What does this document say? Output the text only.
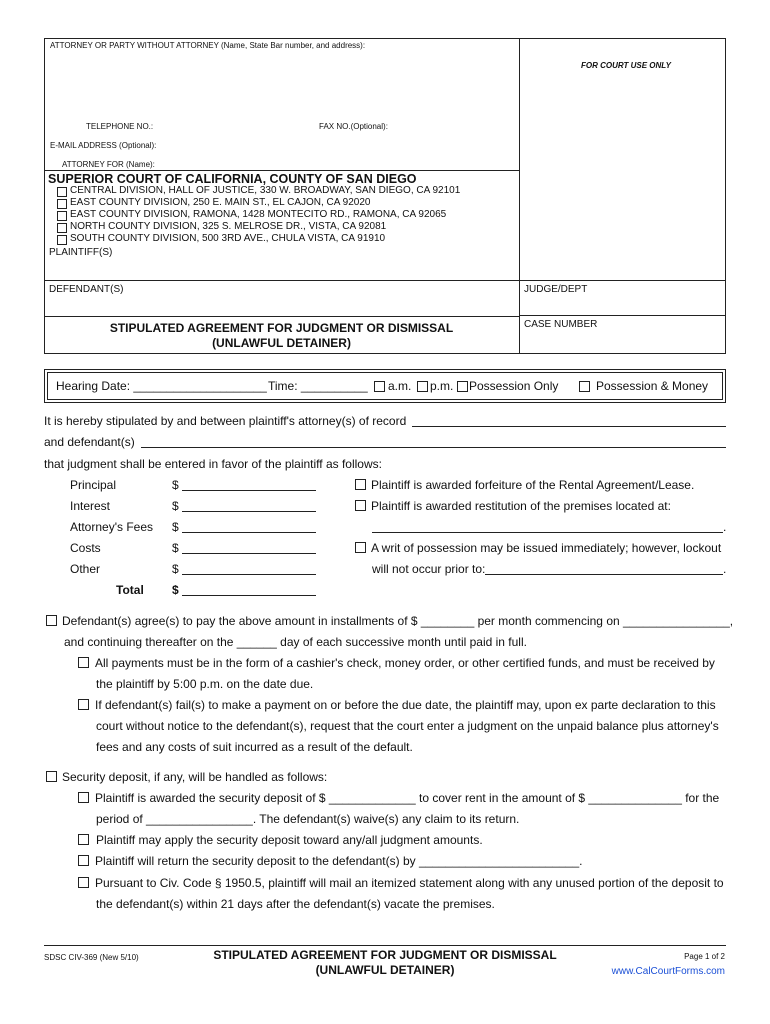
ATTORNEY OR PARTY WITHOUT ATTORNEY (Name, State Bar number, and address):
FOR COURT USE ONLY
TELEPHONE NO.:	FAX NO.(Optional):
E-MAIL ADDRESS (Optional):
ATTORNEY FOR (Name):
SUPERIOR COURT OF CALIFORNIA, COUNTY OF SAN DIEGO
CENTRAL DIVISION, HALL OF JUSTICE, 330 W. BROADWAY, SAN DIEGO, CA 92101
EAST COUNTY DIVISION, 250 E. MAIN ST., EL CAJON, CA 92020
EAST COUNTY DIVISION, RAMONA, 1428 MONTECITO RD., RAMONA, CA 92065
NORTH COUNTY DIVISION, 325 S. MELROSE DR., VISTA, CA 92081
SOUTH COUNTY DIVISION, 500 3RD AVE., CHULA VISTA, CA 91910
PLAINTIFF(S)
DEFENDANT(S)	JUDGE/DEPT
CASE NUMBER
STIPULATED AGREEMENT FOR JUDGMENT OR DISMISSAL
(UNLAWFUL DETAINER)
Hearing Date: ____________________ Time: __________ a.m. p.m. Possession Only	Possession & Money
It is hereby stipulated by and between plaintiff's attorney(s) of record
and defendant(s)
that judgment shall be entered in favor of the plaintiff as follows:
Principal	$
Interest	$
Attorney's Fees $
Costs	$
Other	$
Total $
Plaintiff is awarded forfeiture of the Rental Agreement/Lease.
Plaintiff is awarded restitution of the premises located at:
.
A writ of possession may be issued immediately; however, lockout
will not occur prior to:	.
Defendant(s) agree(s) to pay the above amount in installments of $ ________ per month commencing on ________________,
and continuing thereafter on the ______ day of each successive month until paid in full.
All payments must be in the form of a cashier's check, money order, or other certified funds, and must be received by
the plaintiff by 5:00 p.m. on the date due.
If defendant(s) fail(s) to make a payment on or before the due date, the plaintiff may, upon ex parte declaration to this
court without notice to the defendant(s), request that the court enter a judgment on the unpaid balance plus attorney's
fees and any costs of suit incurred as a result of the default.
Security deposit, if any, will be handled as follows:
Plaintiff is awarded the security deposit of $ _____________ to cover rent in the amount of $ ______________ for the
period of ________________. The defendant(s) waive(s) any claim to its return.
Plaintiff may apply the security deposit toward any/all judgment amounts.
Plaintiff will return the security deposit to the defendant(s) by ________________________.
Pursuant to Civ. Code § 1950.5, plaintiff will mail an itemized statement along with any unused portion of the deposit to
the defendant(s) within 21 days after the defendant(s) vacate the premises.
SDSC CIV-369 (New 5/10)	STIPULATED AGREEMENT FOR JUDGMENT OR DISMISSAL
(UNLAWFUL DETAINER)
Page 1 of 2
www.CalCourtForms.com
